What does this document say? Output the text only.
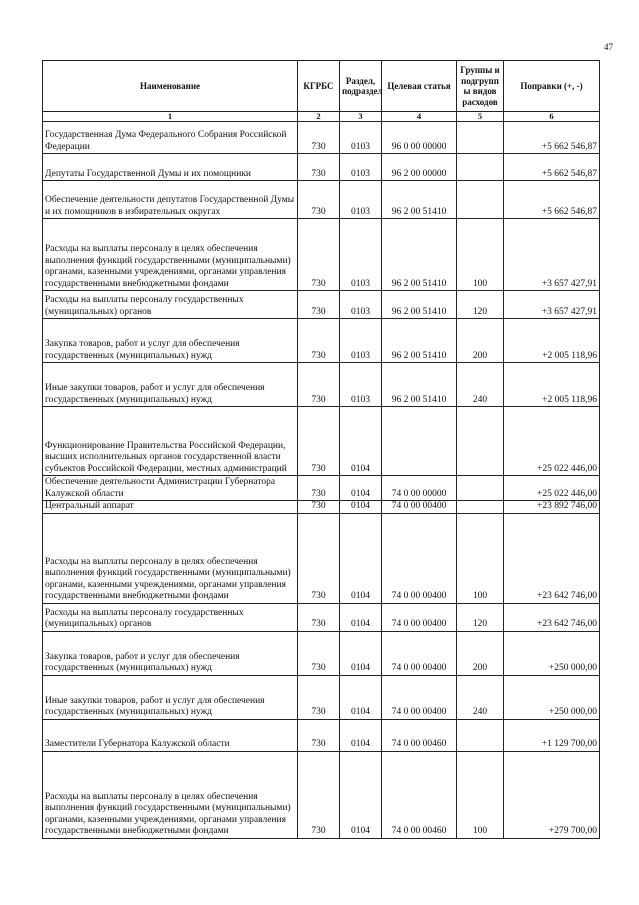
47
Наименование	КГРБС	Раздел, подраздел	Целевая статья	Группы и подгрупп ы видов расходов	Поправки (+, -)
1	2	3	4	5	6
Государственная Дума Федерального Собрания Российской Федерации	730	0103	96 0 00 00000		+5 662 546,87
Депутаты Государственной Думы и их помощники	730	0103	96 2 00 00000		+5 662 546,87
Обеспечение деятельности депутатов Государственной Думы и их помощников в избирательных округах	730	0103	96 2 00 51410		+5 662 546,87
Расходы на выплаты персоналу в целях обеспечения выполнения функций государственными (муниципальными) органами, казенными учреждениями, органами управления государственными внебюджетными фондами	730	0103	96 2 00 51410	100	+3 657 427,91
Расходы на выплаты персоналу государственных (муниципальных) органов	730	0103	96 2 00 51410	120	+3 657 427,91
Закупка товаров, работ и услуг для обеспечения государственных (муниципальных) нужд	730	0103	96 2 00 51410	200	+2 005 118,96
Иные закупки товаров, работ и услуг для обеспечения государственных (муниципальных) нужд	730	0103	96 2 00 51410	240	+2 005 118,96
Функционирование Правительства Российской Федерации, высших исполнительных органов государственной власти субъектов Российской Федерации, местных администраций	730	0104			+25 022 446,00
Обеспечение деятельности Администрации Губернатора Калужской области	730	0104	74 0 00 00000		+25 022 446,00
Центральный аппарат	730	0104	74 0 00 00400		+23 892 746,00
Расходы на выплаты персоналу в целях обеспечения выполнения функций государственными (муниципальными) органами, казенными учреждениями, органами управления государственными внебюджетными фондами	730	0104	74 0 00 00400	100	+23 642 746,00
Расходы на выплаты персоналу государственных (муниципальных) органов	730	0104	74 0 00 00400	120	+23 642 746,00
Закупка товаров, работ и услуг для обеспечения государственных (муниципальных) нужд	730	0104	74 0 00 00400	200	+250 000,00
Иные закупки товаров, работ и услуг для обеспечения государственных (муниципальных) нужд	730	0104	74 0 00 00400	240	+250 000,00
Заместители Губернатора Калужской области	730	0104	74 0 00 00460		+1 129 700,00
Расходы на выплаты персоналу в целях обеспечения выполнения функций государственными (муниципальными) органами, казенными учреждениями, органами управления государственными внебюджетными фондами	730	0104	74 0 00 00460	100	+279 700,00
